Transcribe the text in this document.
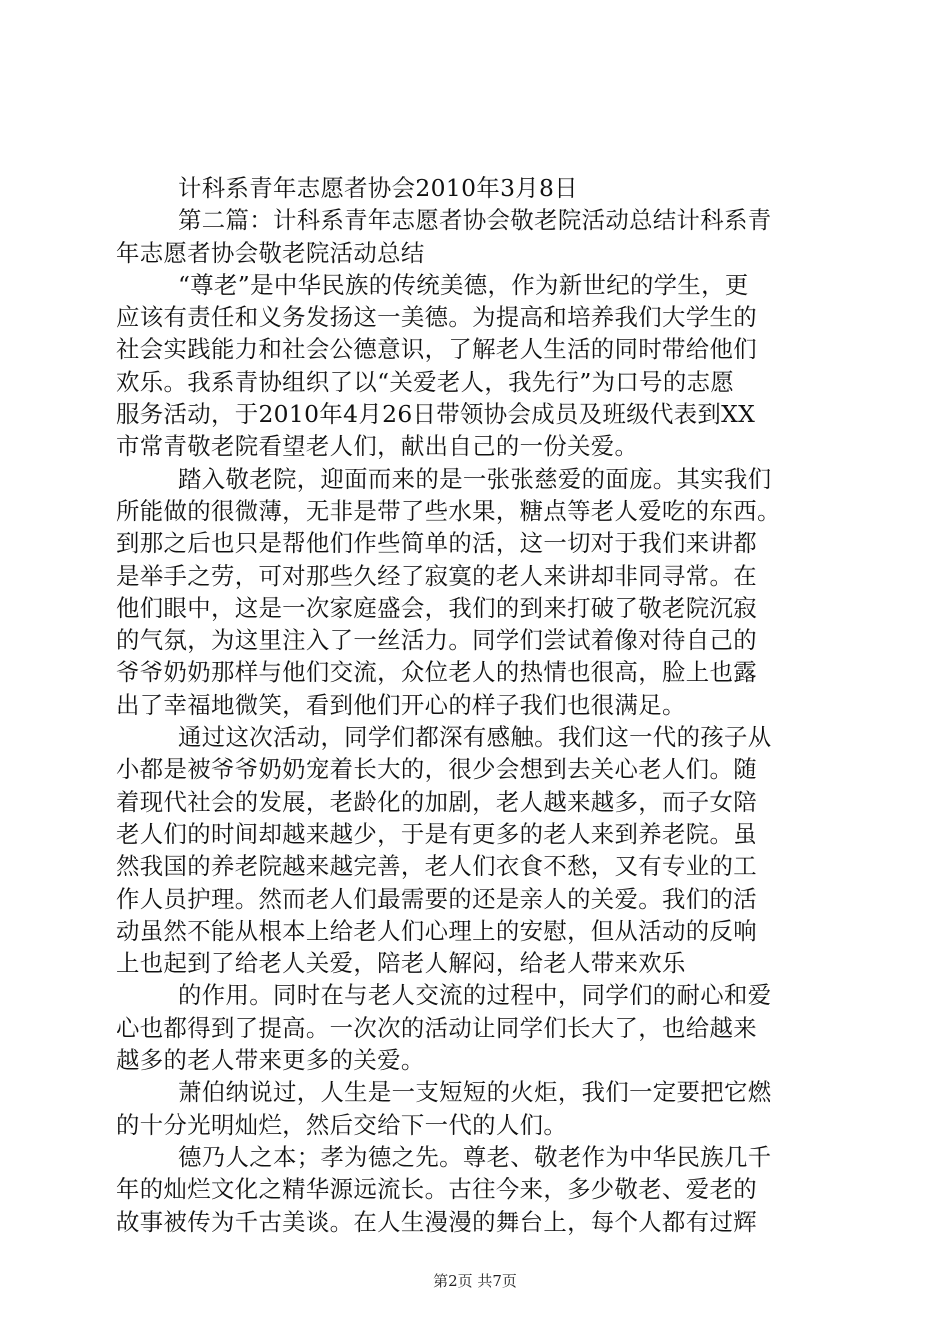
计科系青年志愿者协会2010年3月8日
第二篇：计科系青年志愿者协会敬老院活动总结计科系青
年志愿者协会敬老院活动总结
“尊老”是中华民族的传统美德，作为新世纪的学生，更
应该有责任和义务发扬这一美德。为提高和培养我们大学生的
社会实践能力和社会公德意识，了解老人生活的同时带给他们
欢乐。我系青协组织了以“关爱老人，我先行”为口号的志愿
服务活动，于2010年4月26日带领协会成员及班级代表到XX
市常青敬老院看望老人们，献出自己的一份关爱。
踏入敬老院，迎面而来的是一张张慈爱的面庞。其实我们
所能做的很微薄，无非是带了些水果，糖点等老人爱吃的东西。
到那之后也只是帮他们作些简单的活，这一切对于我们来讲都
是举手之劳，可对那些久经了寂寞的老人来讲却非同寻常。在
他们眼中，这是一次家庭盛会，我们的到来打破了敬老院沉寂
的气氛，为这里注入了一丝活力。同学们尝试着像对待自己的
爷爷奶奶那样与他们交流，众位老人的热情也很高，脸上也露
出了幸福地微笑，看到他们开心的样子我们也很满足。
通过这次活动，同学们都深有感触。我们这一代的孩子从
小都是被爷爷奶奶宠着长大的，很少会想到去关心老人们。随
着现代社会的发展，老龄化的加剧，老人越来越多，而子女陪
老人们的时间却越来越少，于是有更多的老人来到养老院。虽
然我国的养老院越来越完善，老人们衣食不愁，又有专业的工
作人员护理。然而老人们最需要的还是亲人的关爱。我们的活
动虽然不能从根本上给老人们心理上的安慰，但从活动的反响
上也起到了给老人关爱，陪老人解闷，给老人带来欢乐
的作用。同时在与老人交流的过程中，同学们的耐心和爱
心也都得到了提高。一次次的活动让同学们长大了，也给越来
越多的老人带来更多的关爱。
萧伯纳说过，人生是一支短短的火炬，我们一定要把它燃
的十分光明灿烂，然后交给下一代的人们。
德乃人之本；孝为德之先。尊老、敬老作为中华民族几千
年的灿烂文化之精华源远流长。古往今来，多少敬老、爱老的
故事被传为千古美谈。在人生漫漫的舞台上，每个人都有过辉
第2页 共7页
